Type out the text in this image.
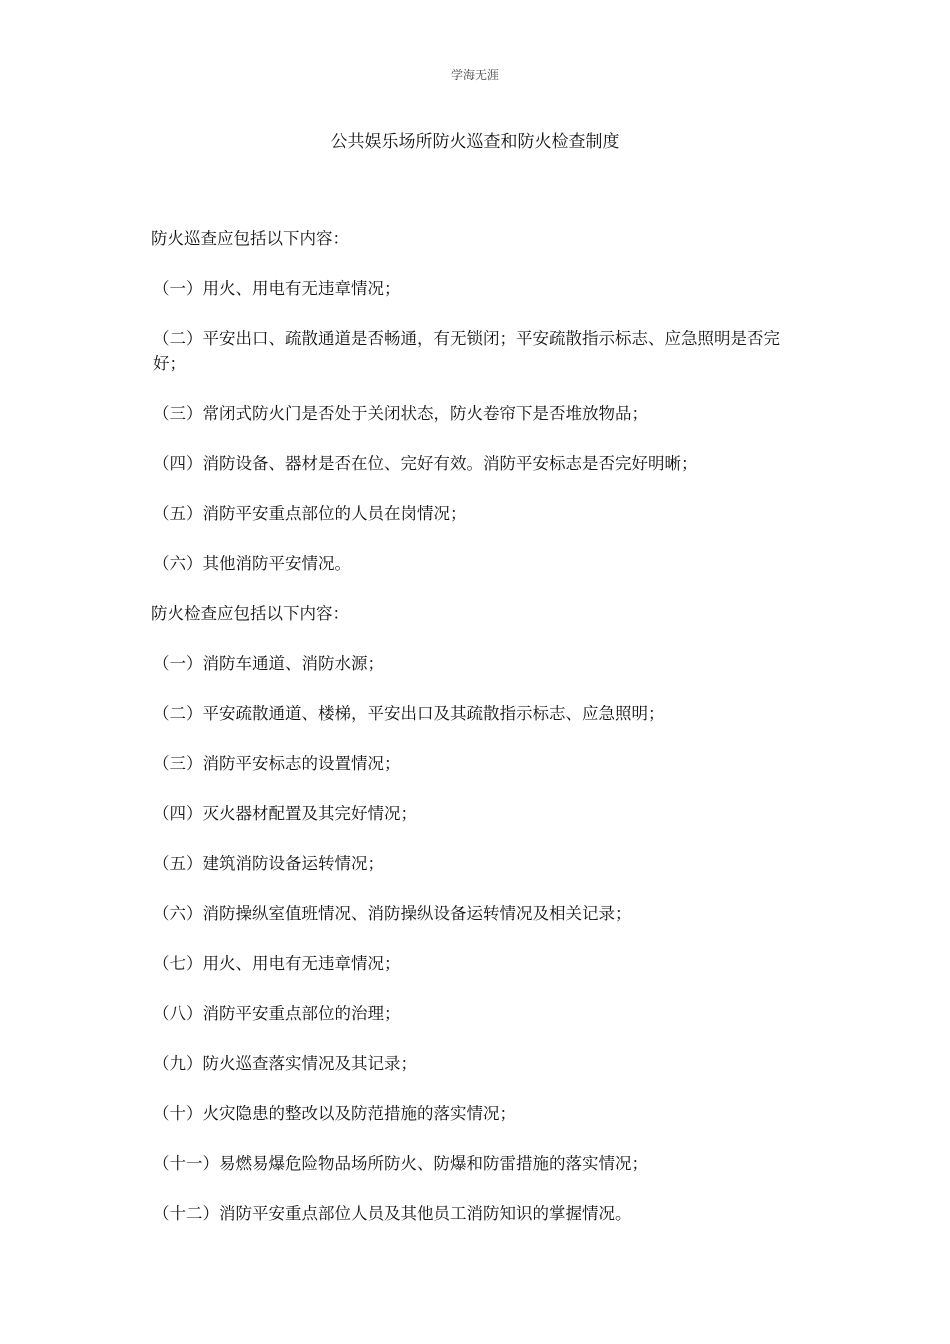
学海无涯
公共娱乐场所防火巡查和防火检查制度

防火巡查应包括以下内容：

（一）用火、用电有无违章情况；

（二）平安出口、疏散通道是否畅通，有无锁闭；平安疏散指示标志、应急照明是否完好；

（三）常闭式防火门是否处于关闭状态，防火卷帘下是否堆放物品；

（四）消防设备、器材是否在位、完好有效。消防平安标志是否完好明晰；

（五）消防平安重点部位的人员在岗情况；

（六）其他消防平安情况。

防火检查应包括以下内容：

（一）消防车通道、消防水源；

（二）平安疏散通道、楼梯，平安出口及其疏散指示标志、应急照明；

（三）消防平安标志的设置情况；

（四）灭火器材配置及其完好情况；

（五）建筑消防设备运转情况；

（六）消防操纵室值班情况、消防操纵设备运转情况及相关记录；

（七）用火、用电有无违章情况；

（八）消防平安重点部位的治理；

（九）防火巡查落实情况及其记录；

（十）火灾隐患的整改以及防范措施的落实情况；

（十一）易燃易爆危险物品场所防火、防爆和防雷措施的落实情况；

（十二）消防平安重点部位人员及其他员工消防知识的掌握情况。
